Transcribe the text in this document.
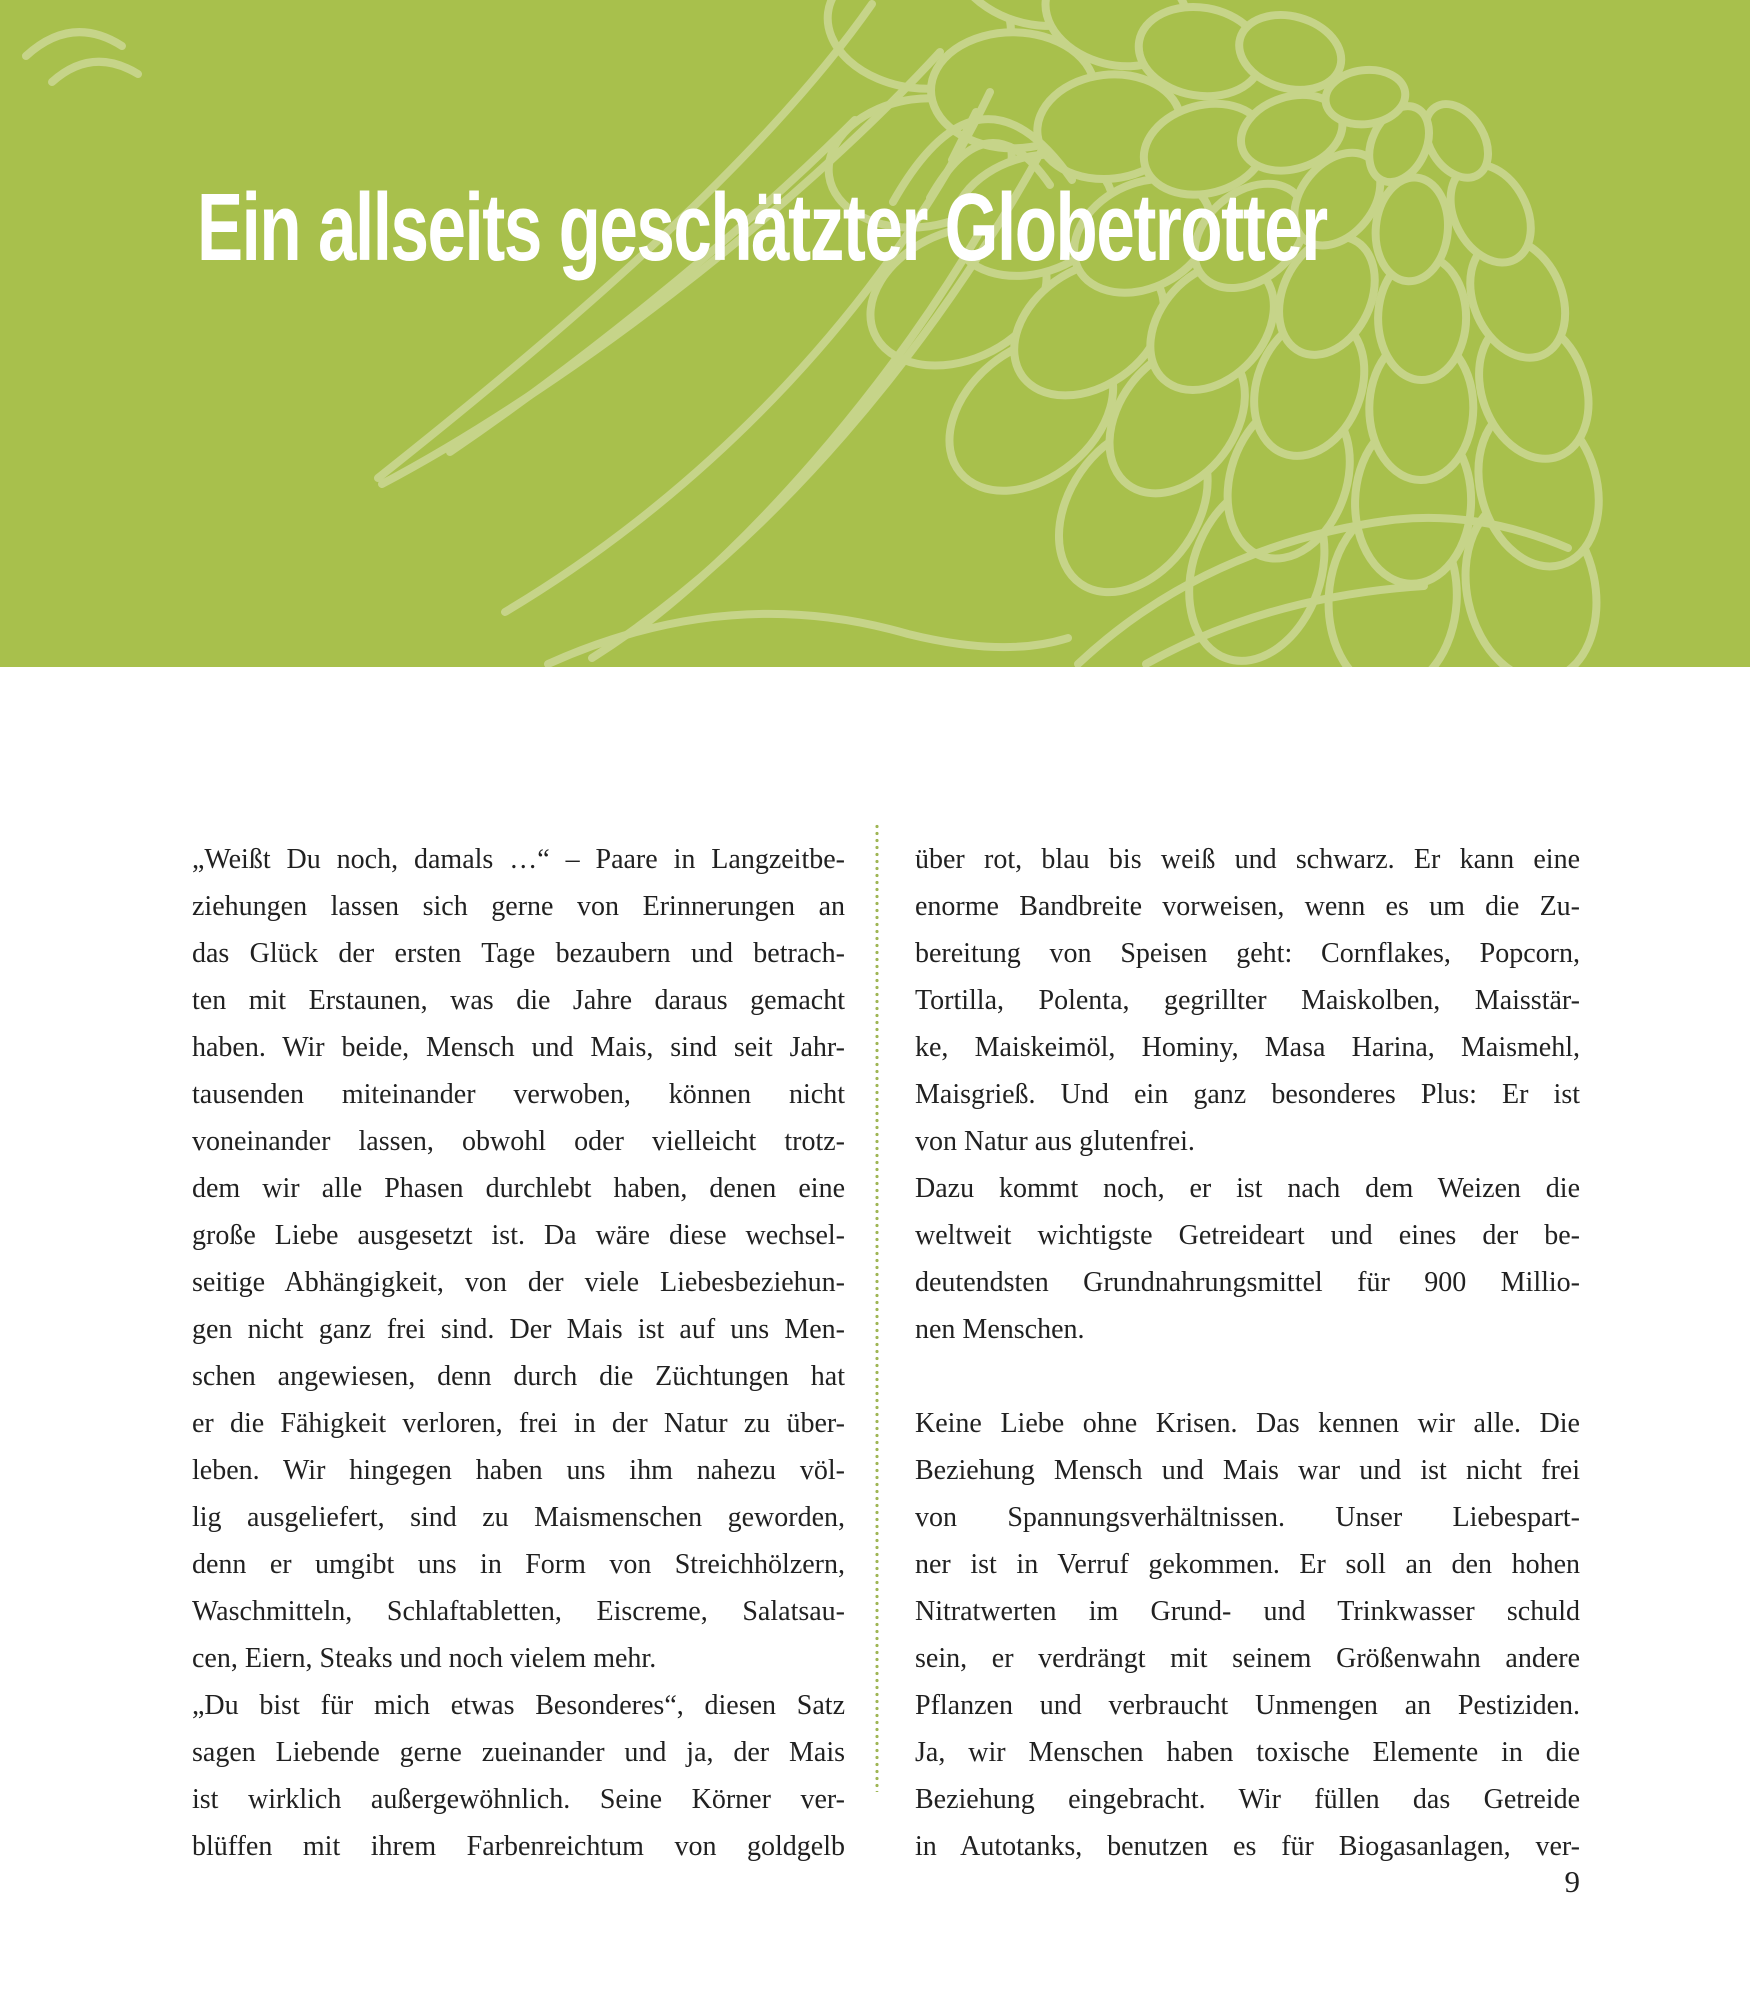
Ein allseits geschätzter Globetrotter
„Weißt Du noch, damals …“ – Paare in Langzeitbe-
ziehungen lassen sich gerne von Erinnerungen an
das Glück der ersten Tage bezaubern und betrach-
ten mit Erstaunen, was die Jahre daraus gemacht
haben. Wir beide, Mensch und Mais, sind seit Jahr-
tausenden miteinander verwoben, können nicht
voneinander lassen, obwohl oder vielleicht trotz-
dem wir alle Phasen durchlebt haben, denen eine
große Liebe ausgesetzt ist. Da wäre diese wechsel-
seitige Abhängigkeit, von der viele Liebesbeziehun-
gen nicht ganz frei sind. Der Mais ist auf uns Men-
schen angewiesen, denn durch die Züchtungen hat
er die Fähigkeit verloren, frei in der Natur zu über-
leben. Wir hingegen haben uns ihm nahezu völ-
lig ausgeliefert, sind zu Maismenschen geworden,
denn er umgibt uns in Form von Streichhölzern,
Waschmitteln, Schlaftabletten, Eiscreme, Salatsau-
cen, Eiern, Steaks und noch vielem mehr.
„Du bist für mich etwas Besonderes“, diesen Satz
sagen Liebende gerne zueinander und ja, der Mais
ist wirklich außergewöhnlich. Seine Körner ver-
blüffen mit ihrem Farbenreichtum von goldgelb
über rot, blau bis weiß und schwarz. Er kann eine
enorme Bandbreite vorweisen, wenn es um die Zu-
bereitung von Speisen geht: Cornflakes, Popcorn,
Tortilla, Polenta, gegrillter Maiskolben, Maisstär-
ke, Maiskeimöl, Hominy, Masa Harina, Maismehl,
Maisgrieß. Und ein ganz besonderes Plus: Er ist
von Natur aus glutenfrei.
Dazu kommt noch, er ist nach dem Weizen die
weltweit wichtigste Getreideart und eines der be-
deutendsten Grundnahrungsmittel für 900 Millio-
nen Menschen.
Keine Liebe ohne Krisen. Das kennen wir alle. Die
Beziehung Mensch und Mais war und ist nicht frei
von Spannungsverhältnissen. Unser Liebespart-
ner ist in Verruf gekommen. Er soll an den hohen
Nitratwerten im Grund- und Trinkwasser schuld
sein, er verdrängt mit seinem Größenwahn andere
Pflanzen und verbraucht Unmengen an Pestiziden.
Ja, wir Menschen haben toxische Elemente in die
Beziehung eingebracht. Wir füllen das Getreide
in Autotanks, benutzen es für Biogasanlagen, ver-
9
